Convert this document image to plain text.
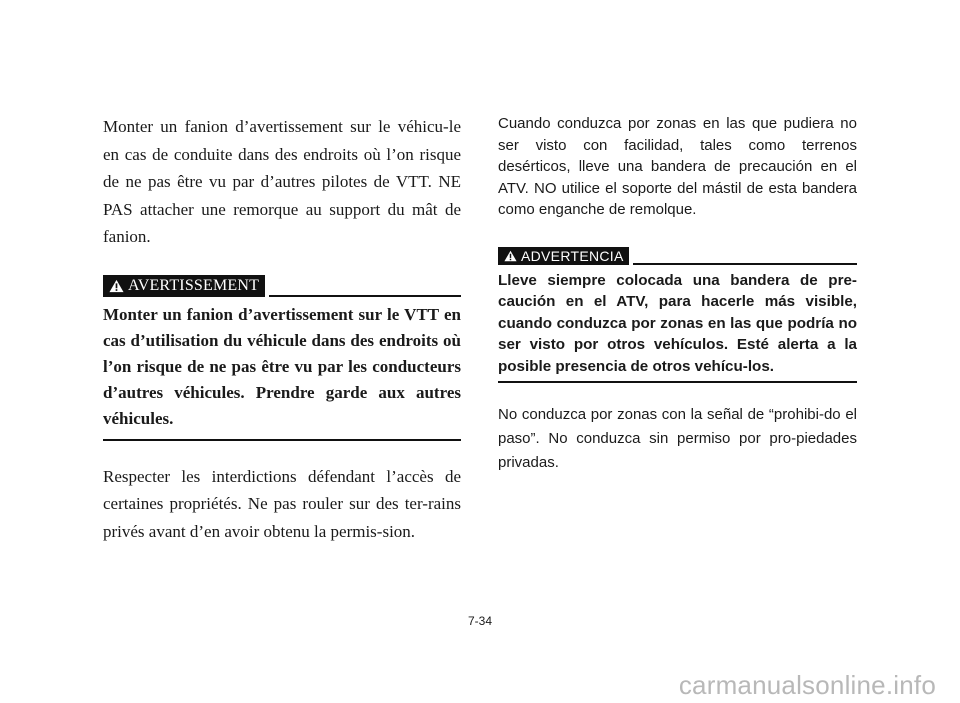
Monter un fanion d’avertissement sur le véhicu-le en cas de conduite dans des endroits où l’on risque de ne pas être vu par d’autres pilotes de VTT. NE PAS attacher une remorque au support du mât de fanion.

AVERTISSEMENT

Monter un fanion d’avertissement sur le VTT en cas d’utilisation du véhicule dans des endroits où l’on risque de ne pas être vu par les conducteurs d’autres véhicules. Prendre garde aux autres véhicules.

Respecter les interdictions défendant l’accès de certaines propriétés. Ne pas rouler sur des ter-rains privés avant d’en avoir obtenu la permis-sion.

Cuando conduzca por zonas en las que pudiera no ser visto con facilidad, tales como terrenos desérticos, lleve una bandera de precaución en el ATV. NO utilice el soporte del mástil de esta bandera como enganche de remolque.

ADVERTENCIA

Lleve siempre colocada una bandera de pre-caución en el ATV, para hacerle más visible, cuando conduzca por zonas en las que podría no ser visto por otros vehículos. Esté alerta a la posible presencia de otros vehícu-los.

No conduzca por zonas con la señal de “prohibi-do el paso”. No conduzca sin permiso por pro-piedades privadas.

7-34
carmanualsonline.info
